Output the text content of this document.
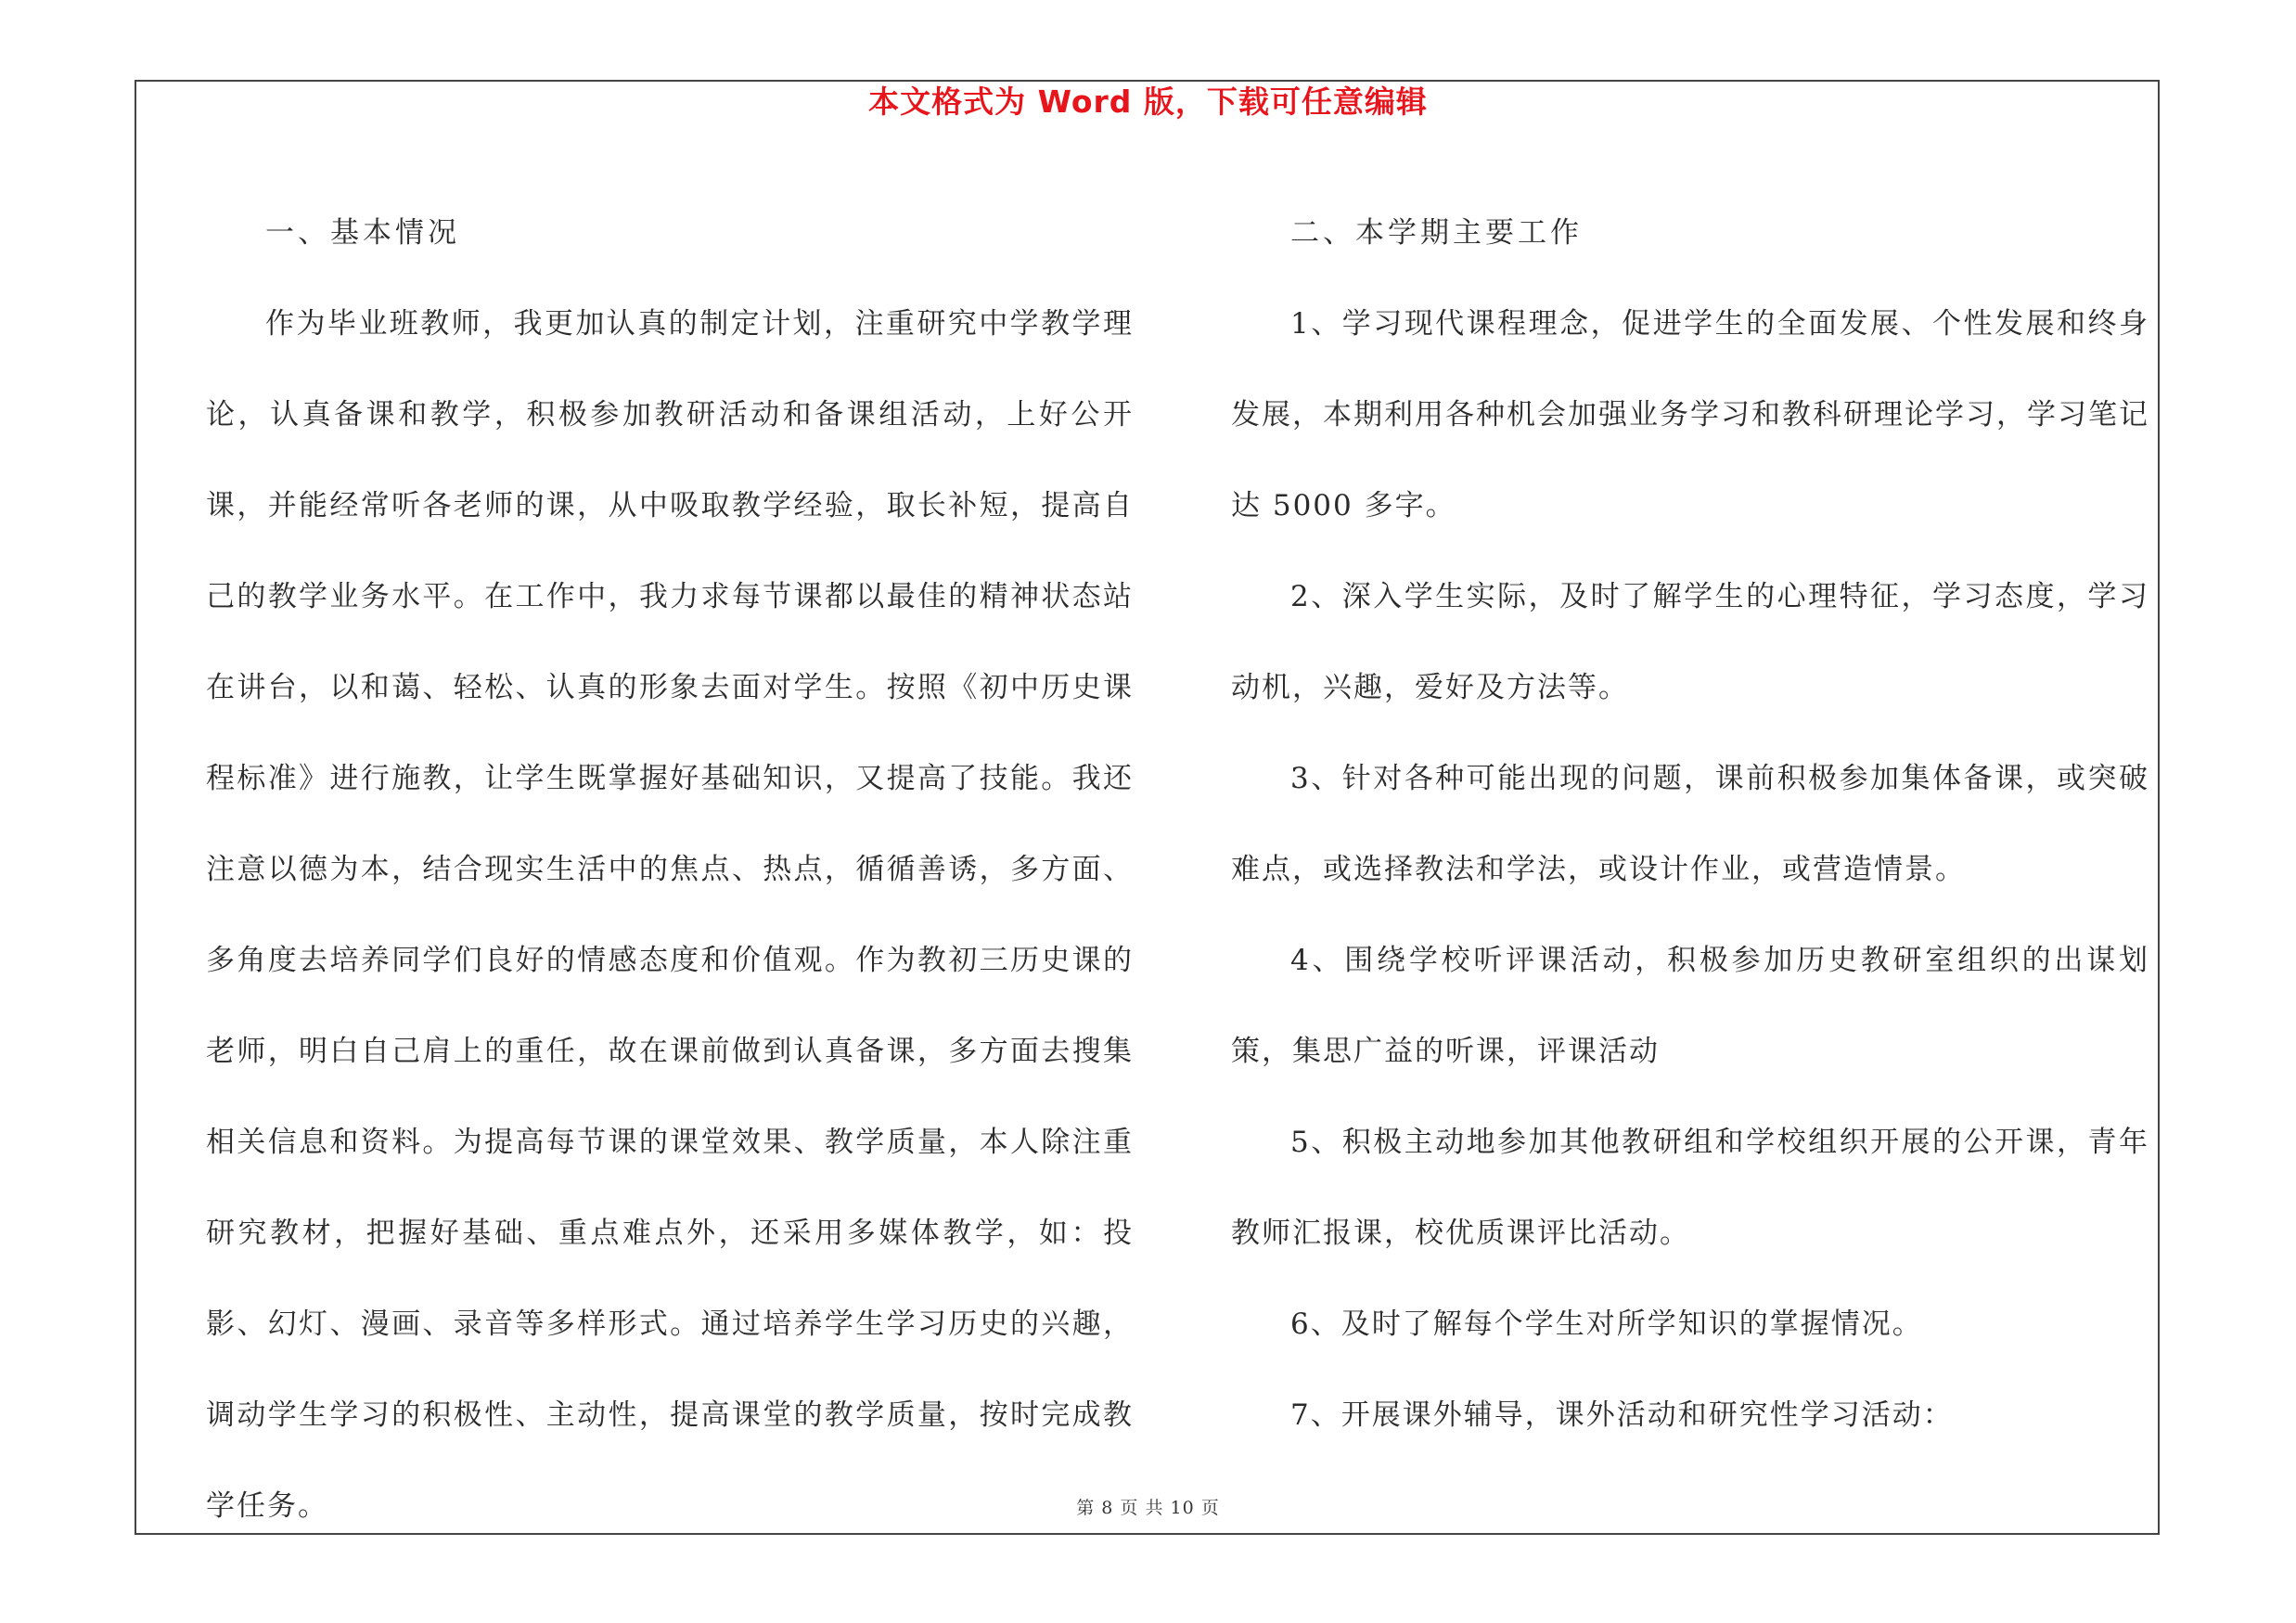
本文格式为 Word 版，下载可任意编辑

一、基本情况

作为毕业班教师，我更加认真的制定计划，注重研究中学教学理论，认真备课和教学，积极参加教研活动和备课组活动，上好公开课，并能经常听各老师的课，从中吸取教学经验，取长补短，提高自己的教学业务水平。在工作中，我力求每节课都以最佳的精神状态站在讲台，以和蔼、轻松、认真的形象去面对学生。按照《初中历史课程标准》进行施教，让学生既掌握好基础知识，又提高了技能。我还注意以德为本，结合现实生活中的焦点、热点，循循善诱，多方面、多角度去培养同学们良好的情感态度和价值观。作为教初三历史课的老师，明白自己肩上的重任，故在课前做到认真备课，多方面去搜集相关信息和资料。为提高每节课的课堂效果、教学质量，本人除注重研究教材，把握好基础、重点难点外，还采用多媒体教学，如：投影、幻灯、漫画、录音等多样形式。通过培养学生学习历史的兴趣，调动学生学习的积极性、主动性，提高课堂的教学质量，按时完成教学任务。

二、本学期主要工作

1、学习现代课程理念，促进学生的全面发展、个性发展和终身发展，本期利用各种机会加强业务学习和教科研理论学习，学习笔记达 5000 多字。

2、深入学生实际，及时了解学生的心理特征，学习态度，学习动机，兴趣，爱好及方法等。

3、针对各种可能出现的问题，课前积极参加集体备课，或突破难点，或选择教法和学法，或设计作业，或营造情景。

4、围绕学校听评课活动，积极参加历史教研室组织的出谋划策，集思广益的听课，评课活动

5、积极主动地参加其他教研组和学校组织开展的公开课，青年教师汇报课，校优质课评比活动。

6、及时了解每个学生对所学知识的掌握情况。

7、开展课外辅导，课外活动和研究性学习活动：

第 8 页 共 10 页
